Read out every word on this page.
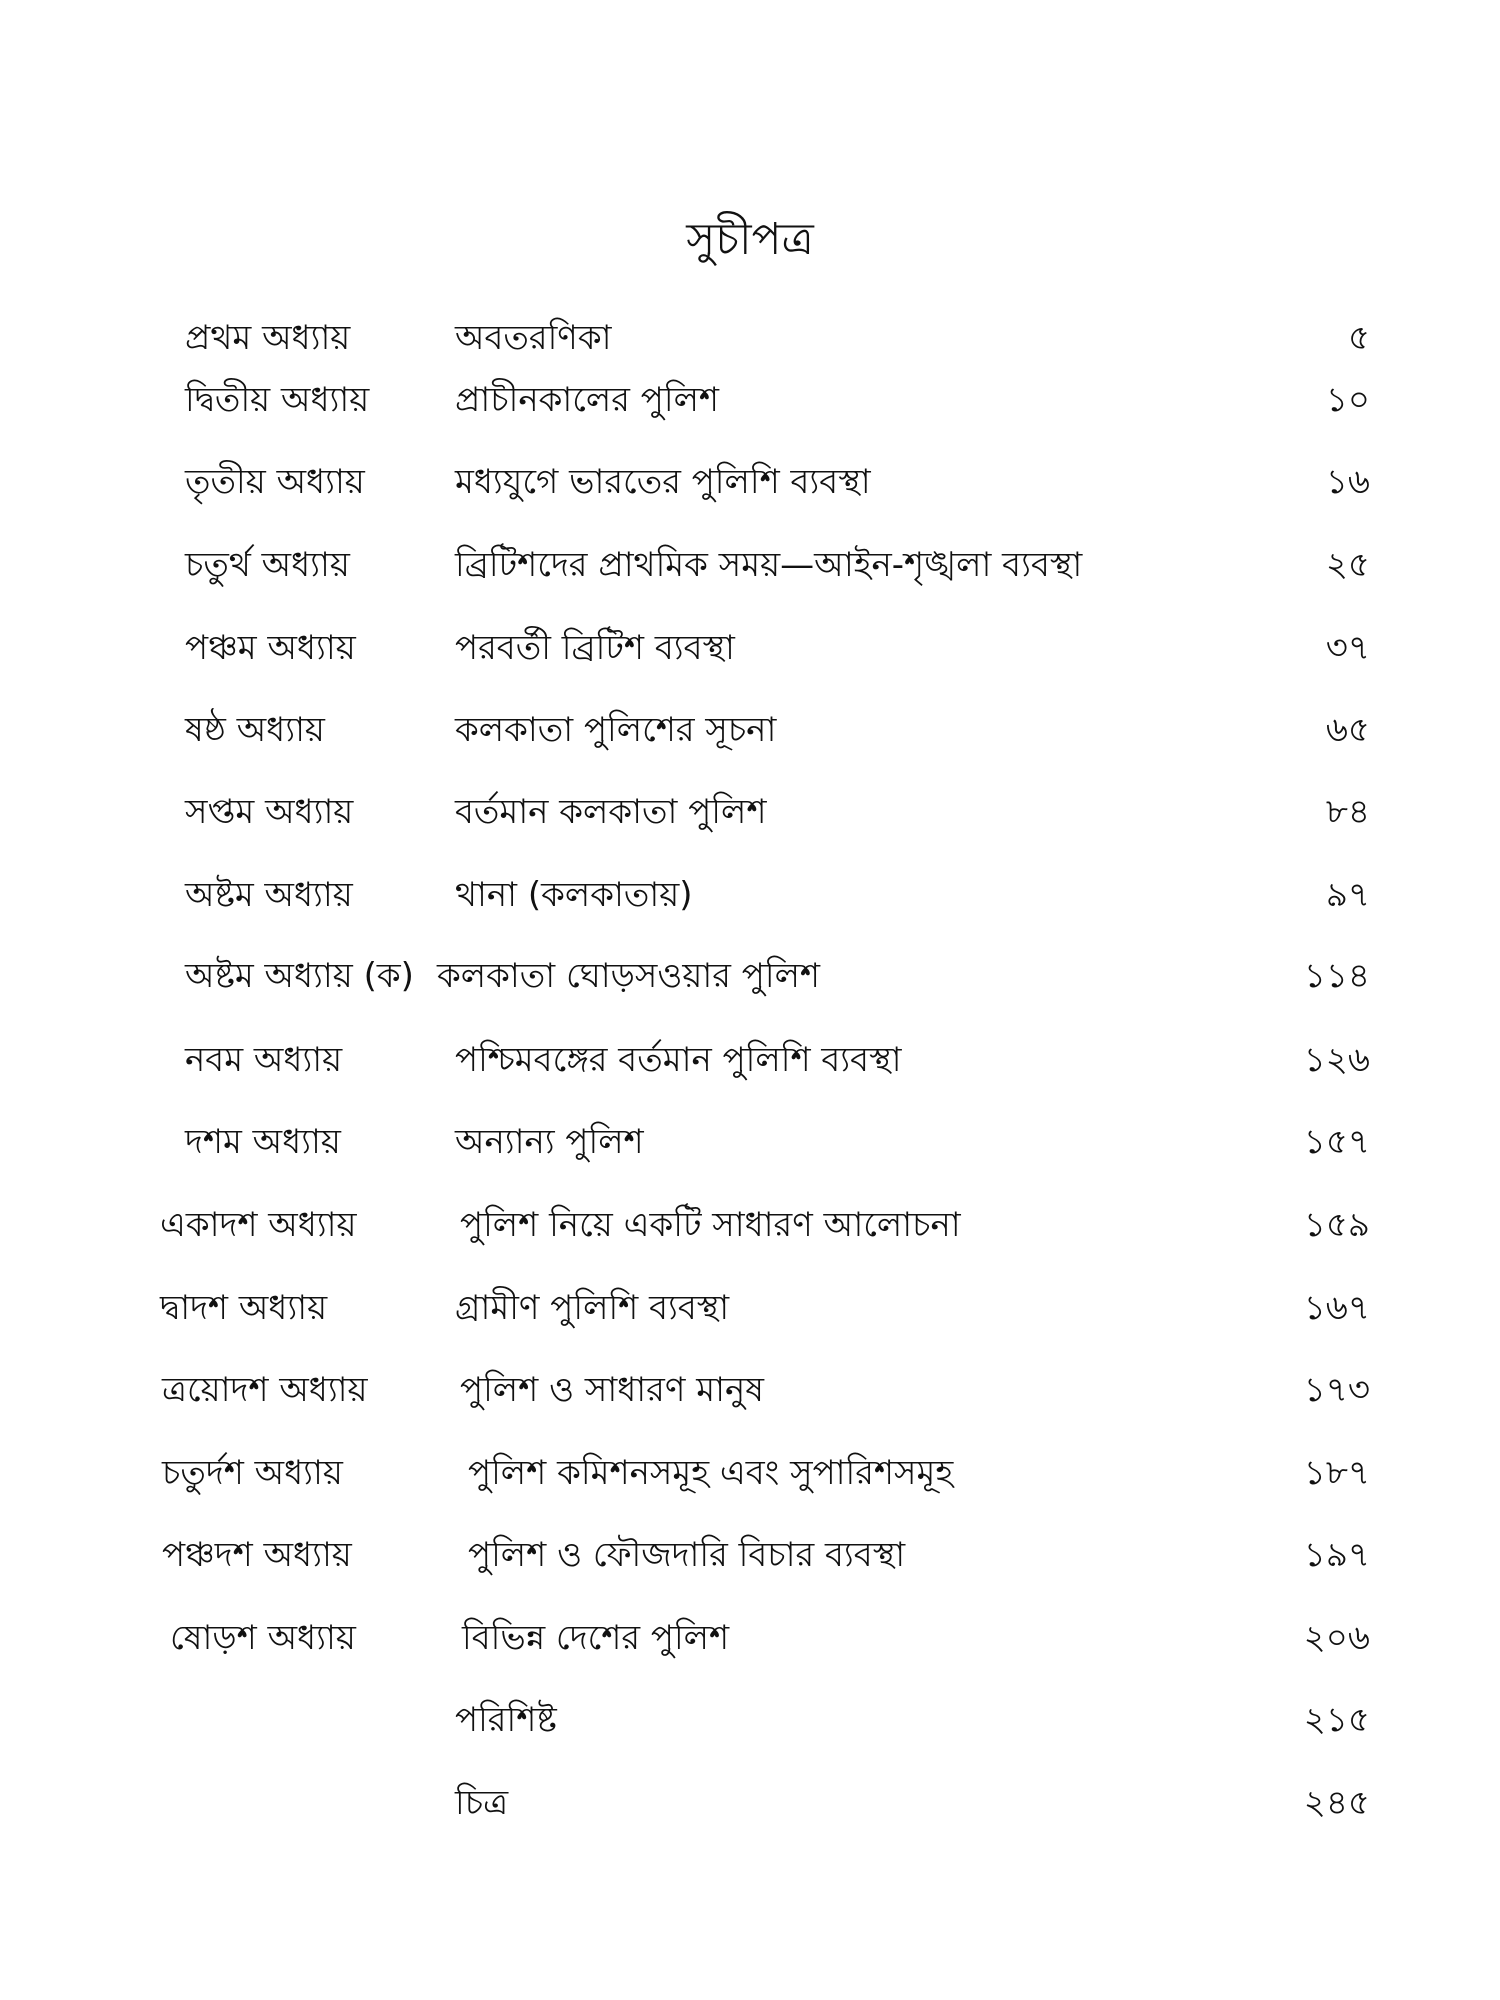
সুচীপত্র
প্রথম অধ্যায়	অবতরণিকা	৫
দ্বিতীয় অধ্যায়	প্রাচীনকালের পুলিশ	১০
তৃতীয় অধ্যায়	মধ্যযুগে ভারতের পুলিশি ব্যবস্থা	১৬
চতুর্থ অধ্যায়	ব্রিটিশদের প্রাথমিক সময়—আইন-শৃঙ্খলা ব্যবস্থা	২৫
পঞ্চম অধ্যায়	পরবর্তী ব্রিটিশ ব্যবস্থা	৩৭
ষষ্ঠ অধ্যায়	কলকাতা পুলিশের সূচনা	৬৫
সপ্তম অধ্যায়	বর্তমান কলকাতা পুলিশ	৮৪
অষ্টম অধ্যায়	থানা (কলকাতায়)	৯৭
অষ্টম অধ্যায় (ক) কলকাতা ঘোড়সওয়ার পুলিশ	১১৪
নবম অধ্যায়	পশ্চিমবঙ্গের বর্তমান পুলিশি ব্যবস্থা	১২৬
দশম অধ্যায়	অন্যান্য পুলিশ	১৫৭
একাদশ অধ্যায়	পুলিশ নিয়ে একটি সাধারণ আলোচনা	১৫৯
দ্বাদশ অধ্যায়	গ্রামীণ পুলিশি ব্যবস্থা	১৬৭
ত্রয়োদশ অধ্যায়	পুলিশ ও সাধারণ মানুষ	১৭৩
চতুর্দশ অধ্যায়	পুলিশ কমিশনসমূহ এবং সুপারিশসমূহ	১৮৭
পঞ্চদশ অধ্যায়	পুলিশ ও ফৌজদারি বিচার ব্যবস্থা	১৯৭
ষোড়শ অধ্যায়	বিভিন্ন দেশের পুলিশ	২০৬
পরিশিষ্ট	২১৫
চিত্র	২৪৫
